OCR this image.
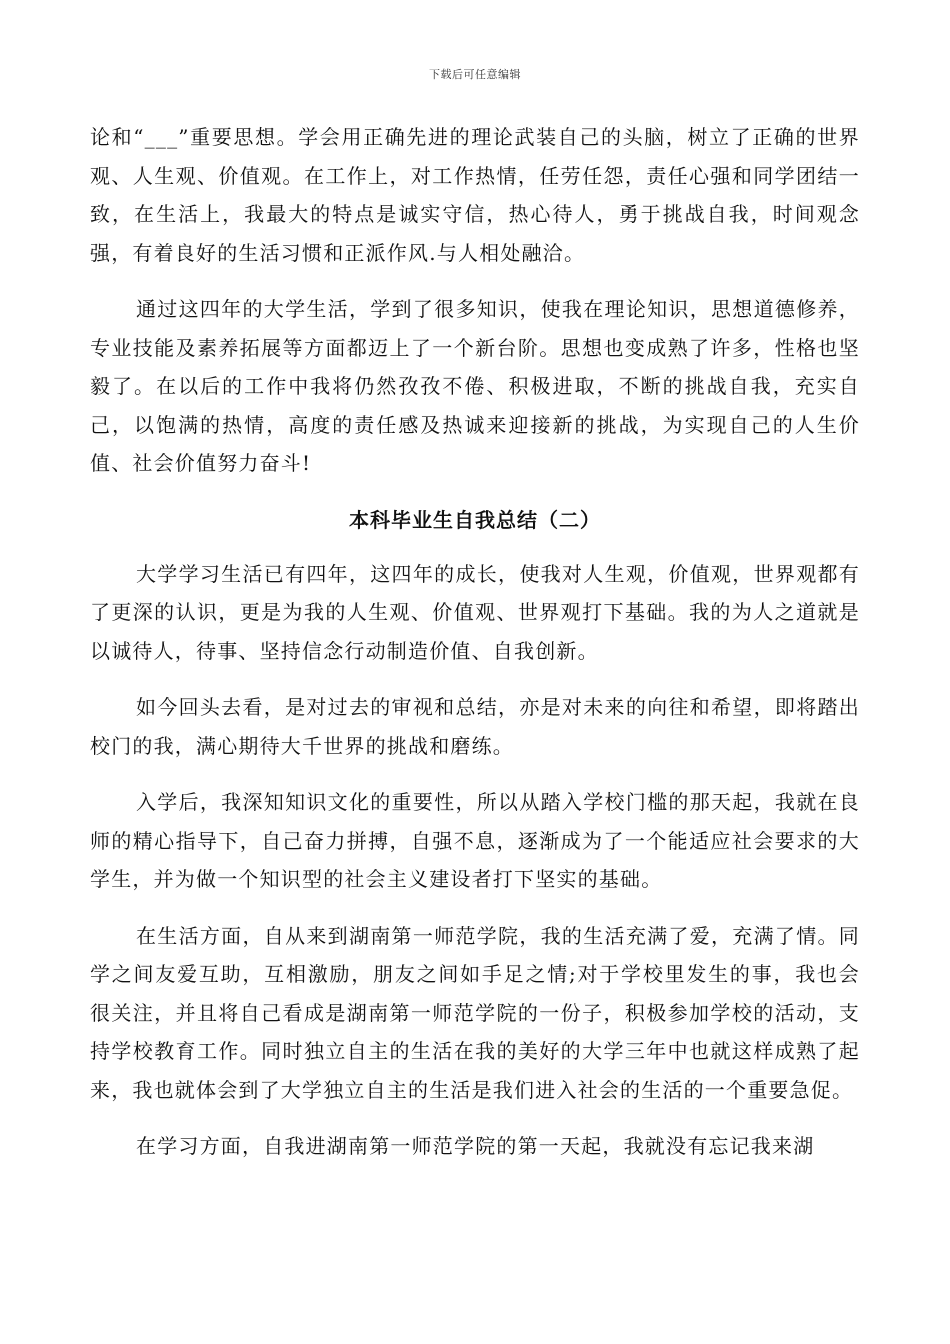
下载后可任意编辑

论和“___”重要思想。学会用正确先进的理论武装自己的头脑，树立了正确的世界观、人生观、价值观。在工作上，对工作热情，任劳任怨，责任心强和同学团结一致，在生活上，我最大的特点是诚实守信，热心待人，勇于挑战自我，时间观念强，有着良好的生活习惯和正派作风.与人相处融洽。

通过这四年的大学生活，学到了很多知识，使我在理论知识，思想道德修养，专业技能及素养拓展等方面都迈上了一个新台阶。思想也变成熟了许多，性格也坚毅了。在以后的工作中我将仍然孜孜不倦、积极进取，不断的挑战自我，充实自己，以饱满的热情，高度的责任感及热诚来迎接新的挑战，为实现自己的人生价值、社会价值努力奋斗!

本科毕业生自我总结（二）

大学学习生活已有四年，这四年的成长，使我对人生观，价值观，世界观都有了更深的认识，更是为我的人生观、价值观、世界观打下基础。我的为人之道就是以诚待人，待事、坚持信念行动制造价值、自我创新。

如今回头去看，是对过去的审视和总结，亦是对未来的向往和希望，即将踏出校门的我，满心期待大千世界的挑战和磨练。

入学后，我深知知识文化的重要性，所以从踏入学校门槛的那天起，我就在良师的精心指导下，自己奋力拼搏，自强不息，逐渐成为了一个能适应社会要求的大学生，并为做一个知识型的社会主义建设者打下坚实的基础。

在生活方面，自从来到湖南第一师范学院，我的生活充满了爱，充满了情。同学之间友爱互助，互相激励，朋友之间如手足之情;对于学校里发生的事，我也会很关注，并且将自己看成是湖南第一师范学院的一份子，积极参加学校的活动，支持学校教育工作。同时独立自主的生活在我的美好的大学三年中也就这样成熟了起来，我也就体会到了大学独立自主的生活是我们进入社会的生活的一个重要急促。

在学习方面，自我进湖南第一师范学院的第一天起，我就没有忘记我来湖
